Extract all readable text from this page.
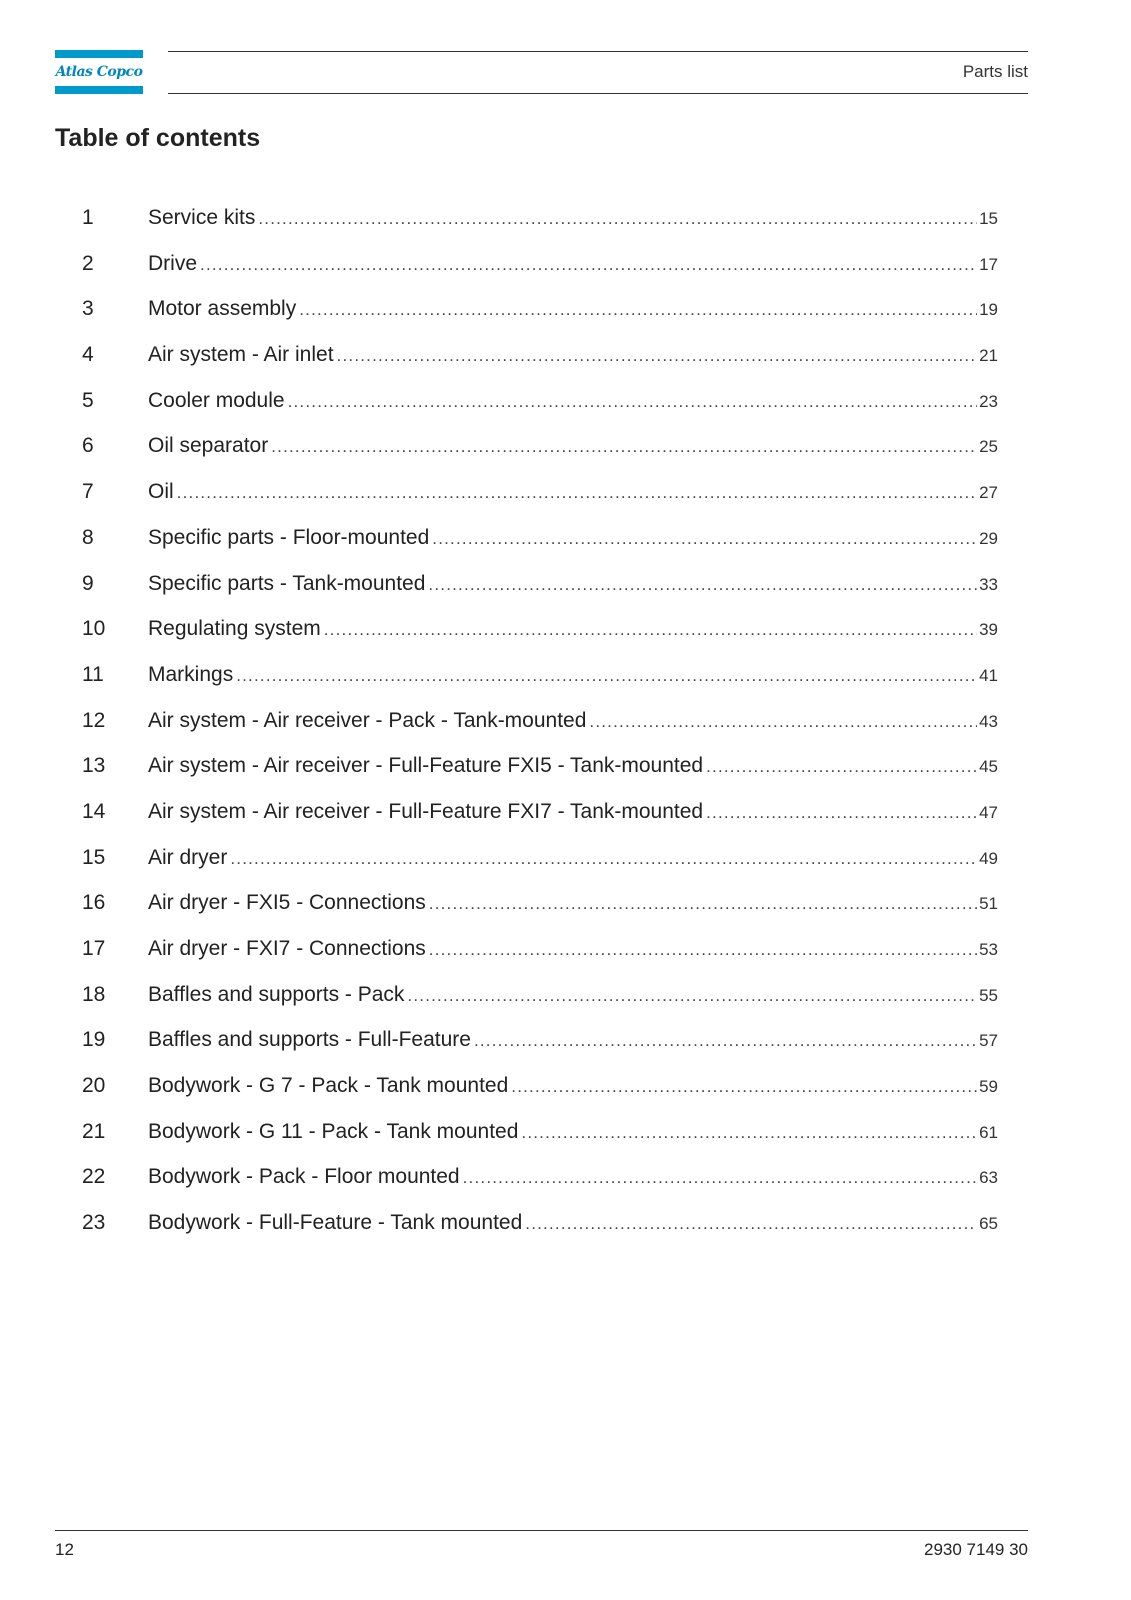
Atlas Copco	Parts list
Table of contents
1	Service kits .....	15
2	Drive .....	17
3	Motor assembly .....	19
4	Air system - Air inlet .....	21
5	Cooler module .....	23
6	Oil separator .....	25
7	Oil .....	27
8	Specific parts - Floor-mounted .....	29
9	Specific parts - Tank-mounted .....	33
10	Regulating system .....	39
11	Markings .....	41
12	Air system - Air receiver - Pack - Tank-mounted .....	43
13	Air system - Air receiver - Full-Feature FXI5 - Tank-mounted .....	45
14	Air system - Air receiver - Full-Feature FXI7 - Tank-mounted .....	47
15	Air dryer .....	49
16	Air dryer - FXI5 - Connections .....	51
17	Air dryer - FXI7 - Connections .....	53
18	Baffles and supports - Pack .....	55
19	Baffles and supports - Full-Feature .....	57
20	Bodywork - G 7 - Pack - Tank mounted .....	59
21	Bodywork - G 11 - Pack - Tank mounted .....	61
22	Bodywork - Pack - Floor mounted .....	63
23	Bodywork - Full-Feature - Tank mounted .....	65
12	2930 7149 30
